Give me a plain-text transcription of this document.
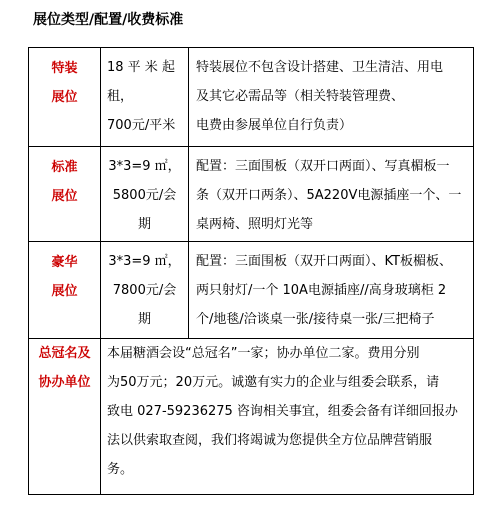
展位类型/配置/收费标准
特装
展位	18 平 米 起
租，
700元/平米	特装展位不包含设计搭建、卫生清洁、用电
及其它必需品等（相关特装管理费、
电费由参展单位自行负责）

标准
展位	3*3=9 ㎡，
5800元/会
期	配置：三面围板（双开口两面）、写真楣板一
条（双开口两条）、5A220V电源插座一个、一
桌两椅、照明灯光等

豪华
展位	3*3=9 ㎡，
7800元/会
期	配置：三面围板（双开口两面）、KT板楣板、
两只射灯/一个 10A电源插座//高身玻璃柜 2
个/地毯/洽谈桌一张/接待桌一张/三把椅子

总冠名及
协办单位	本届糖酒会设“总冠名”一家；协办单位二家。费用分别
为50万元；20万元。诚邀有实力的企业与组委会联系，请
致电 027-59236275 咨询相关事宜，组委会备有详细回报办
法以供索取查阅，我们将竭诚为您提供全方位品牌营销服
务。	
